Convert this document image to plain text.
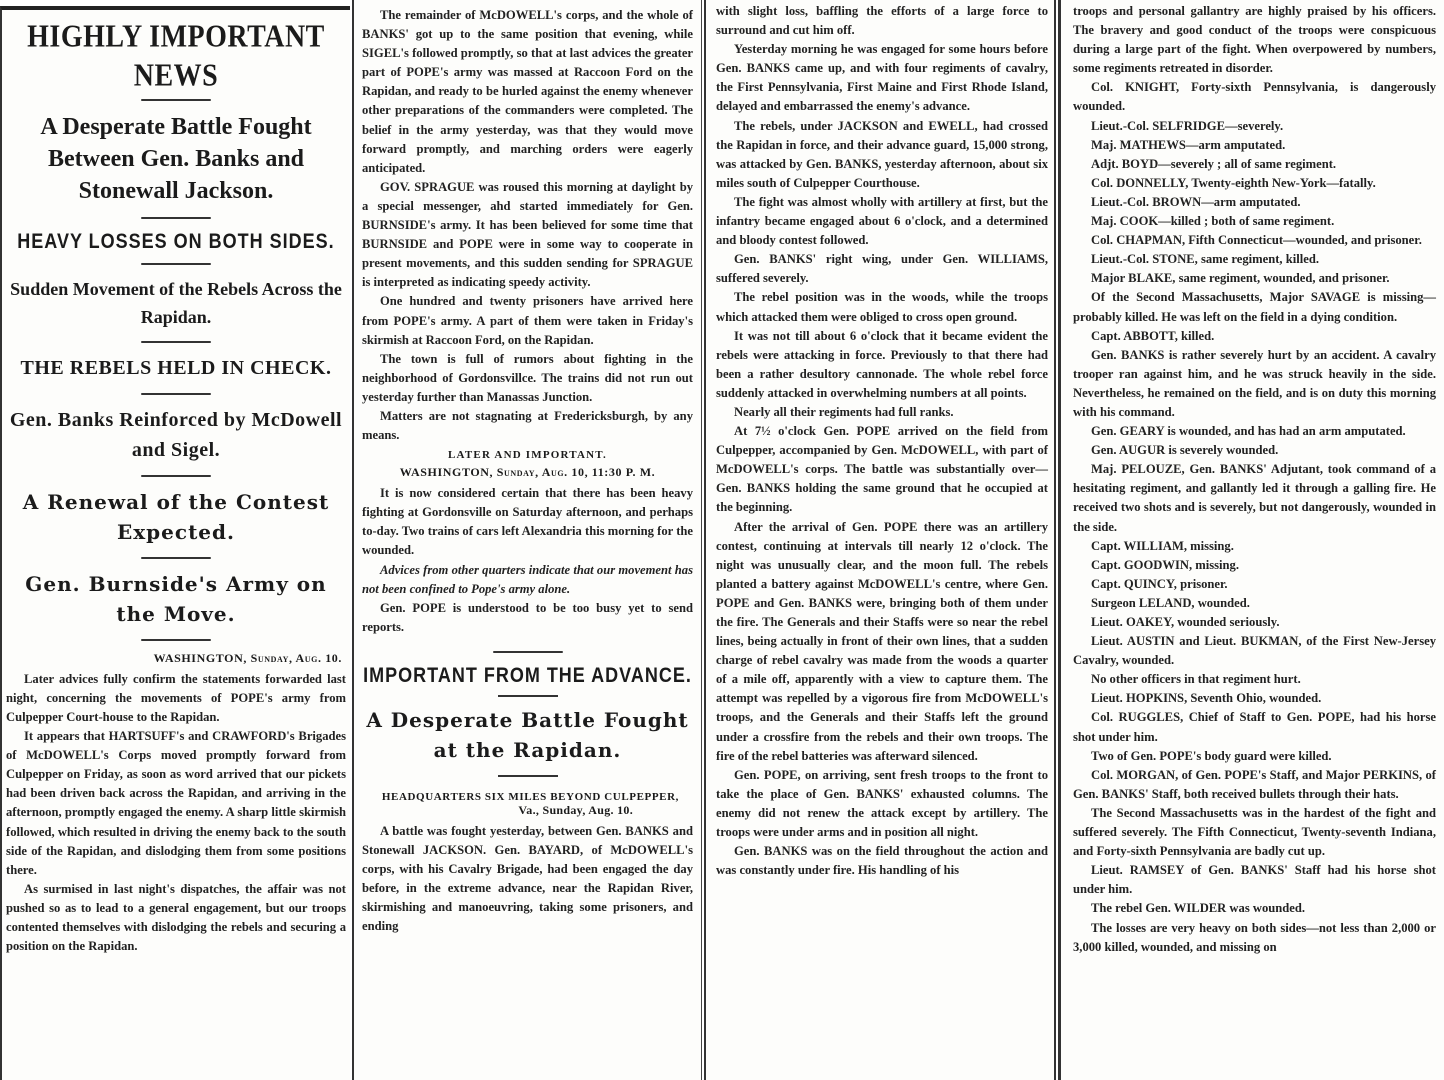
HIGHLY IMPORTANT NEWS
A Desperate Battle Fought Between Gen. Banks and Stonewall Jackson.
HEAVY LOSSES ON BOTH SIDES.
Sudden Movement of the Rebels Across the Rapidan.
THE REBELS HELD IN CHECK.
Gen. Banks Reinforced by McDowell and Sigel.
A Renewal of the Contest Expected.
Gen. Burnside's Army on the Move.
WASHINGTON, Sunday, Aug. 10.

Later advices fully confirm the statements forwarded last night, concerning the movements of POPE's army from Culpepper Court-house to the Rapidan.

It appears that HARTSUFF's and CRAWFORD's Brigades of McDOWELL's Corps moved promptly forward from Culpepper on Friday, as soon as word arrived that our pickets had been driven back across the Rapidan, and arriving in the afternoon, promptly engaged the enemy. A sharp little skirmish followed, which resulted in driving the enemy back to the south side of the Rapidan, and dislodging them from some positions there.

As surmised in last night's dispatches, the affair was not pushed so as to lead to a general engagement, but our troops contented themselves with dislodging the rebels and securing a position on the Rapidan.

The remainder of McDOWELL's corps, and the whole of BANKS' got up to the same position that evening, while SIGEL's followed promptly, so that at last advices the greater part of POPE's army was massed at Raccoon Ford on the Rapidan, and ready to be hurled against the enemy whenever other preparations of the commanders were completed. The belief in the army yesterday, was that they would move forward promptly, and marching orders were eagerly anticipated.

GOV. SPRAGUE was roused this morning at daylight by a special messenger, ahd started immediately for Gen. BURNSIDE's army. It has been believed for some time that BURNSIDE and POPE were in some way to cooperate in present movements, and this sudden sending for SPRAGUE is interpreted as indicating speedy activity.

One hundred and twenty prisoners have arrived here from POPE's army. A part of them were taken in Friday's skirmish at Raccoon Ford, on the Rapidan.

The town is full of rumors about fighting in the neighborhood of Gordonsvillce. The trains did not run out yesterday further than Manassas Junction.

Matters are not stagnating at Fredericksburgh, by any means.

LATER AND IMPORTANT.
WASHINGTON, Sunday, Aug. 10, 11:30 P. M.

It is now considered certain that there has been heavy fighting at Gordonsville on Saturday afternoon, and perhaps to-day. Two trains of cars left Alexandria this morning for the wounded.

Advices from other quarters indicate that our movement has not been confined to Pope's army alone.

Gen. POPE is understood to be too busy yet to send reports.

IMPORTANT FROM THE ADVANCE.
A Desperate Battle Fought at the Rapidan.
HEADQUARTERS SIX MILES BEYOND CULPEPPER,
Va., Sunday, Aug. 10.

A battle was fought yesterday, between Gen. BANKS and Stonewall JACKSON. Gen. BAYARD, of McDOWELL's corps, with his Cavalry Brigade, had been engaged the day before, in the extreme advance, near the Rapidan River, skirmishing and manoeuvring, taking some prisoners, and ending

with slight loss, baffling the efforts of a large force to surround and cut him off.

Yesterday morning he was engaged for some hours before Gen. BANKS came up, and with four regiments of cavalry, the First Pennsylvania, First Maine and First Rhode Island, delayed and embarrassed the enemy's advance.

The rebels, under JACKSON and EWELL, had crossed the Rapidan in force, and their advance guard, 15,000 strong, was attacked by Gen. BANKS, yesterday afternoon, about six miles south of Culpepper Courthouse.

The fight was almost wholly with artillery at first, but the infantry became engaged about 6 o'clock, and a determined and bloody contest followed.

Gen. BANKS' right wing, under Gen. WILLIAMS, suffered severely.

The rebel position was in the woods, while the troops which attacked them were obliged to cross open ground.

It was not till about 6 o'clock that it became evident the rebels were attacking in force. Previously to that there had been a rather desultory cannonade. The whole rebel force suddenly attacked in overwhelming numbers at all points.

Nearly all their regiments had full ranks.

At 7½ o'clock Gen. POPE arrived on the field from Culpepper, accompanied by Gen. McDOWELL, with part of McDOWELL's corps. The battle was substantially over—Gen. BANKS holding the same ground that he occupied at the beginning.

After the arrival of Gen. POPE there was an artillery contest, continuing at intervals till nearly 12 o'clock. The night was unusually clear, and the moon full. The rebels planted a battery against McDOWELL's centre, where Gen. POPE and Gen. BANKS were, bringing both of them under the fire. The Generals and their Staffs were so near the rebel lines, being actually in front of their own lines, that a sudden charge of rebel cavalry was made from the woods a quarter of a mile off, apparently with a view to capture them. The attempt was repelled by a vigorous fire from McDOWELL's troops, and the Generals and their Staffs left the ground under a crossfire from the rebels and their own troops. The fire of the rebel batteries was afterward silenced.

Gen. POPE, on arriving, sent fresh troops to the front to take the place of Gen. BANKS' exhausted columns. The enemy did not renew the attack except by artillery. The troops were under arms and in position all night.

Gen. BANKS was on the field throughout the action and was constantly under fire. His handling of his

troops and personal gallantry are highly praised by his officers. The bravery and good conduct of the troops were conspicuous during a large part of the fight. When overpowered by numbers, some regiments retreated in disorder.

Col. KNIGHT, Forty-sixth Pennsylvania, is dangerously wounded.

Lieut.-Col. SELFRIDGE—severely.

Maj. MATHEWS—arm amputated.

Adjt. BOYD—severely ; all of same regiment.

Col. DONNELLY, Twenty-eighth New-York—fatally.

Lieut.-Col. BROWN—arm amputated.

Maj. COOK—killed ; both of same regiment.

Col. CHAPMAN, Fifth Connecticut—wounded, and prisoner.

Lieut.-Col. STONE, same regiment, killed.

Major BLAKE, same regiment, wounded, and prisoner.

Of the Second Massachusetts, Major SAVAGE is missing—probably killed. He was left on the field in a dying condition.

Capt. ABBOTT, killed.

Gen. BANKS is rather severely hurt by an accident. A cavalry trooper ran against him, and he was struck heavily in the side. Nevertheless, he remained on the field, and is on duty this morning with his command.

Gen. GEARY is wounded, and has had an arm amputated.

Gen. AUGUR is severely wounded.

Maj. PELOUZE, Gen. BANKS' Adjutant, took command of a hesitating regiment, and gallantly led it through a galling fire. He received two shots and is severely, but not dangerously, wounded in the side.

Capt. WILLIAM, missing.

Capt. GOODWIN, missing.

Capt. QUINCY, prisoner.

Surgeon LELAND, wounded.

Lieut. OAKEY, wounded seriously.

Lieut. AUSTIN and Lieut. BUKMAN, of the First New-Jersey Cavalry, wounded.

No other officers in that regiment hurt.

Lieut. HOPKINS, Seventh Ohio, wounded.

Col. RUGGLES, Chief of Staff to Gen. POPE, had his horse shot under him.

Two of Gen. POPE's body guard were killed.

Col. MORGAN, of Gen. POPE's Staff, and Major PERKINS, of Gen. BANKS' Staff, both received bullets through their hats.

The Second Massachusetts was in the hardest of the fight and suffered severely. The Fifth Connecticut, Twenty-seventh Indiana, and Forty-sixth Pennsylvania are badly cut up.

Lieut. RAMSEY of Gen. BANKS' Staff had his horse shot under him.

The rebel Gen. WILDER was wounded.

The losses are very heavy on both sides—not less than 2,000 or 3,000 killed, wounded, and missing on
